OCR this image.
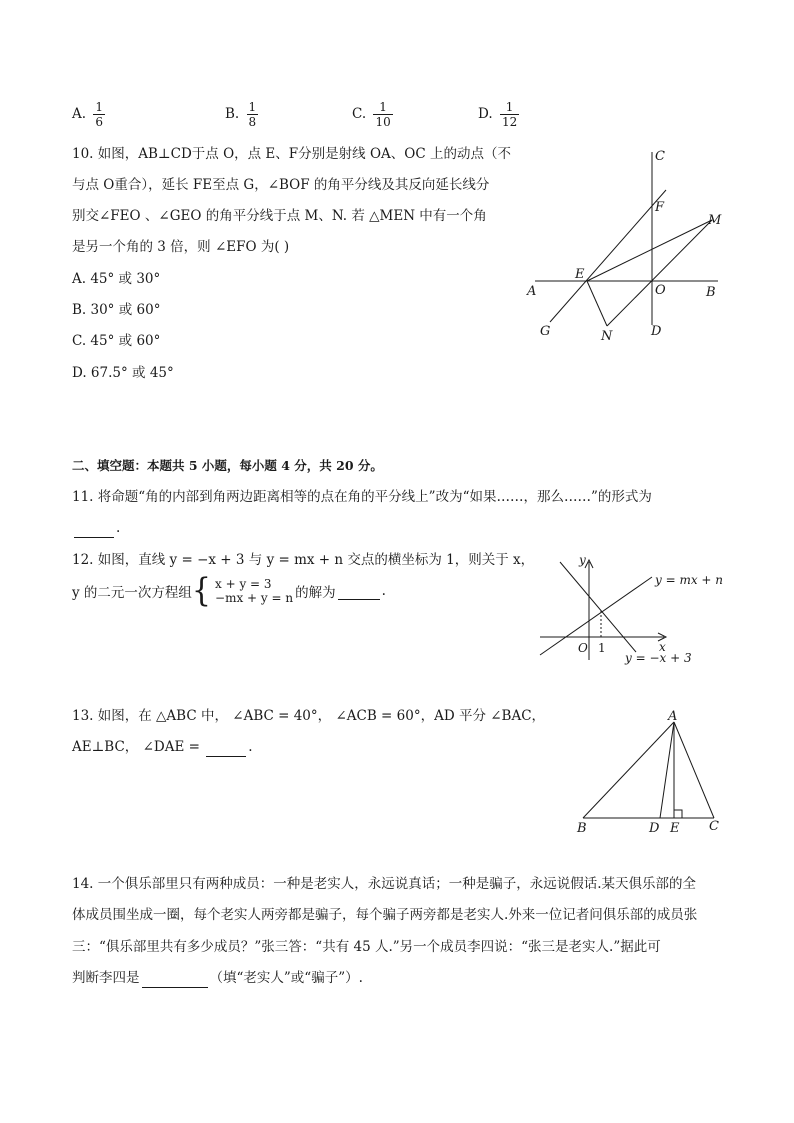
A. $\frac{1}{6}$	B. $\frac{1}{8}$	C. $\frac{1}{10}$	D. $\frac{1}{12}$
10. 如图，AB⊥CD于点 O，点 E、F分别是射线 OA、OC 上的动点（不
与点 O重合），延长 FE至点 G，∠BOF 的角平分线及其反向延长线分
别交∠FEO 、∠GEO 的角平分线于点 M、N. 若 △MEN 中有一个角
是另一个角的 3 倍，则 ∠EFO 为( )
A. 45° 或 30°
B. 30° 或 60°
C. 45° 或 60°
D. 67.5° 或 45°
C
F
M
E
O
A	B
G	N	D
二、填空题：本题共 5 小题，每小题 4 分，共 20 分。
11. 将命题“角的内部到角两边距离相等的点在角的平分线上”改为“如果……，那么……”的形式为
.
12. 如图，直线 y = −x + 3 与 y = mx + n 交点的横坐标为 1，则关于 x，
y 的二元一次方程组 { x + y = 3
−mx + y = n 的解为	.
y
x
O 1
y = mx + n
y = −x + 3
13. 如图，在 △ABC 中， ∠ABC = 40°， ∠ACB = 60°，AD 平分 ∠BAC，
AE⊥BC， ∠DAE =	.
A
B	D E C
14. 一个俱乐部里只有两种成员：一种是老实人，永远说真话；一种是骗子，永远说假话.某天俱乐部的全
体成员围坐成一圈，每个老实人两旁都是骗子，每个骗子两旁都是老实人.外来一位记者问俱乐部的成员张
三：“俱乐部里共有多少成员？”张三答：“共有 45 人.”另一个成员李四说：“张三是老实人.”据此可
判断李四是	（填“老实人”或“骗子”）.
